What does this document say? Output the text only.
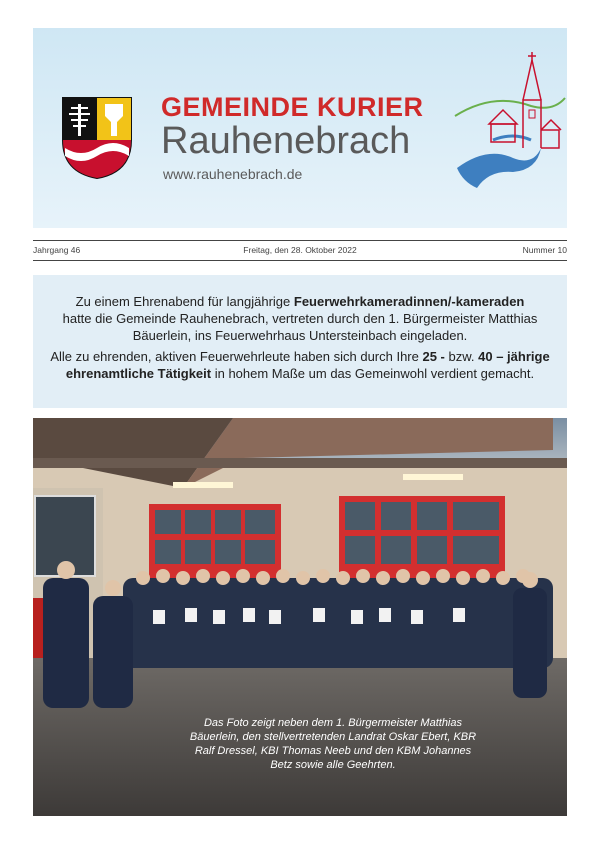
GEMEINDE KURIER
Rauhenebrach
www.rauhenebrach.de
Jahrgang 46	Freitag, den 28. Oktober 2022	Nummer 10
Zu einem Ehrenabend für langjährige Feuerwehrkameradinnen/-kameraden
hatte die Gemeinde Rauhenebrach, vertreten durch den 1. Bürgermeister Matthias Bäuerlein, ins Feuerwehrhaus Untersteinbach eingeladen.
Alle zu ehrenden, aktiven Feuerwehrleute haben sich durch Ihre 25 - bzw. 40 – jährige ehrenamtliche Tätigkeit in hohem Maße um das Gemeinwohl verdient gemacht.
Das Foto zeigt neben dem 1. Bürgermeister Matthias Bäuerlein, den stellvertretenden Landrat Oskar Ebert, KBR Ralf Dressel, KBI Thomas Neeb und den KBM Johannes Betz sowie alle Geehrten.
